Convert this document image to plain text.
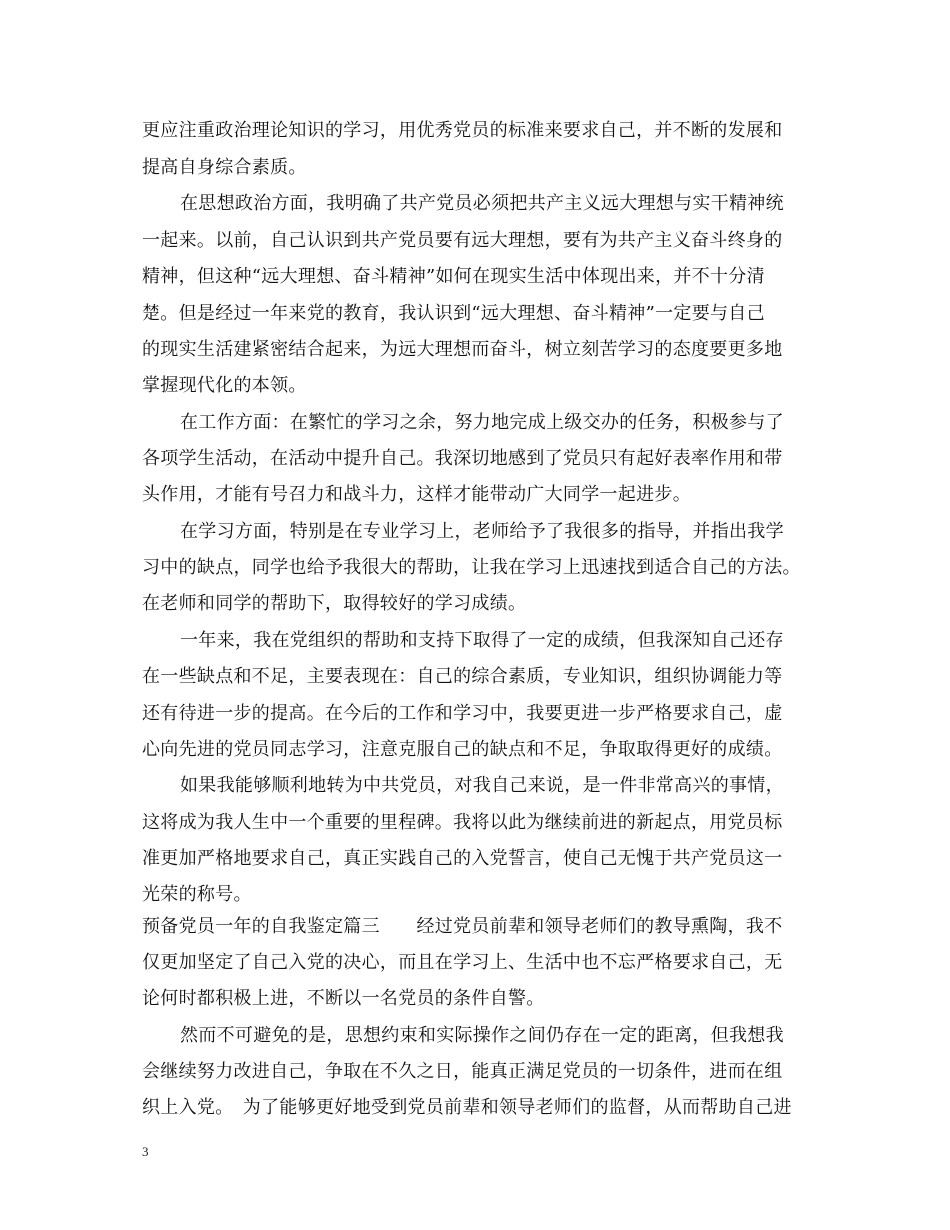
更应注重政治理论知识的学习，用优秀党员的标准来要求自己，并不断的发展和
提高自身综合素质。
在思想政治方面，我明确了共产党员必须把共产主义远大理想与实干精神统
一起来。以前，自己认识到共产党员要有远大理想，要有为共产主义奋斗终身的
精神，但这种“远大理想、奋斗精神”如何在现实生活中体现出来，并不十分清
楚。但是经过一年来党的教育，我认识到“远大理想、奋斗精神”一定要与自己
的现实生活建紧密结合起来，为远大理想而奋斗，树立刻苦学习的态度要更多地
掌握现代化的本领。
在工作方面：在繁忙的学习之余，努力地完成上级交办的任务，积极参与了
各项学生活动，在活动中提升自己。我深切地感到了党员只有起好表率作用和带
头作用，才能有号召力和战斗力，这样才能带动广大同学一起进步。
在学习方面，特别是在专业学习上，老师给予了我很多的指导，并指出我学
习中的缺点，同学也给予我很大的帮助，让我在学习上迅速找到适合自己的方法。
在老师和同学的帮助下，取得较好的学习成绩。
一年来，我在党组织的帮助和支持下取得了一定的成绩，但我深知自己还存
在一些缺点和不足，主要表现在：自己的综合素质，专业知识，组织协调能力等
还有待进一步的提高。在今后的工作和学习中，我要更进一步严格要求自己，虚
心向先进的党员同志学习，注意克服自己的缺点和不足，争取取得更好的成绩。
如果我能够顺利地转为中共党员，对我自己来说，是一件非常高兴的事情，
这将成为我人生中一个重要的里程碑。我将以此为继续前进的新起点，用党员标
准更加严格地要求自己，真正实践自己的入党誓言，使自己无愧于共产党员这一
光荣的称号。
预备党员一年的自我鉴定篇三　　经过党员前辈和领导老师们的教导熏陶，我不
仅更加坚定了自己入党的决心，而且在学习上、生活中也不忘严格要求自己，无
论何时都积极上进，不断以一名党员的条件自警。
然而不可避免的是，思想约束和实际操作之间仍存在一定的距离，但我想我
会继续努力改进自己，争取在不久之日，能真正满足党员的一切条件，进而在组
织上入党。　为了能够更好地受到党员前辈和领导老师们的监督，从而帮助自己进
3
